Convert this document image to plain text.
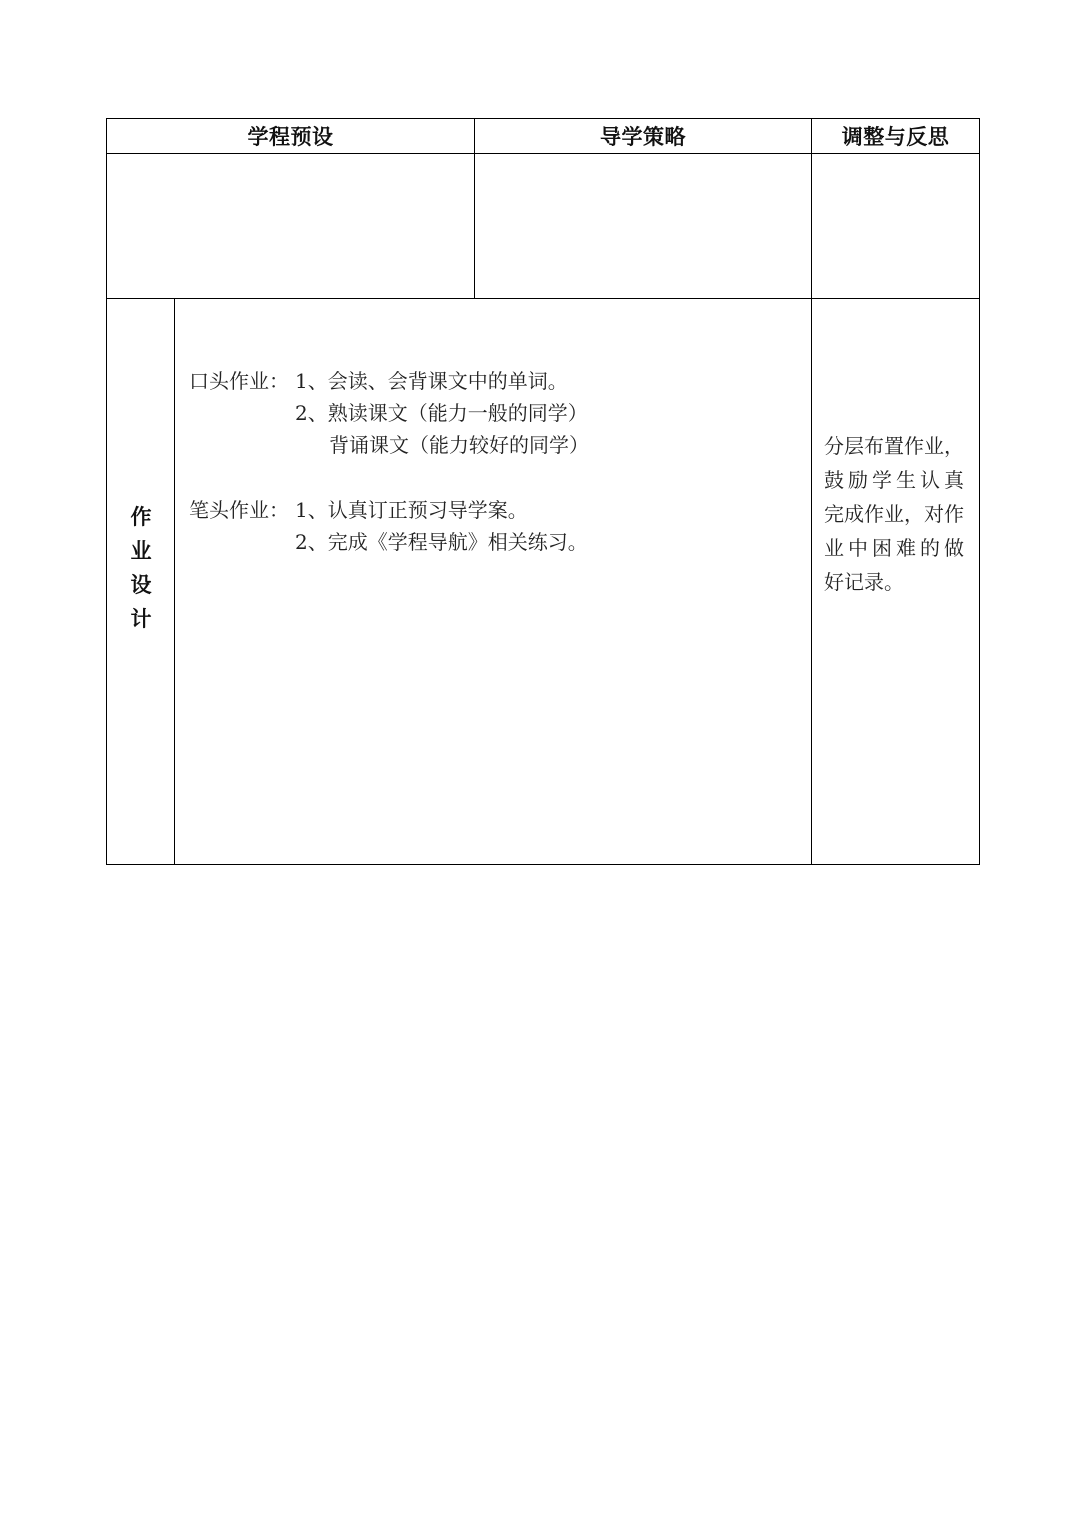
学程预设	导学策略	调整与反思
作
业
设
计
口头作业： 1、会读、会背课文中的单词。
2、熟读课文（能力一般的同学）
背诵课文（能力较好的同学）
笔头作业： 1、认真订正预习导学案。
2、完成《学程导航》相关练习。
分层布置作业，
鼓励学生认真
完成作业，对作
业中困难的做
好记录。
